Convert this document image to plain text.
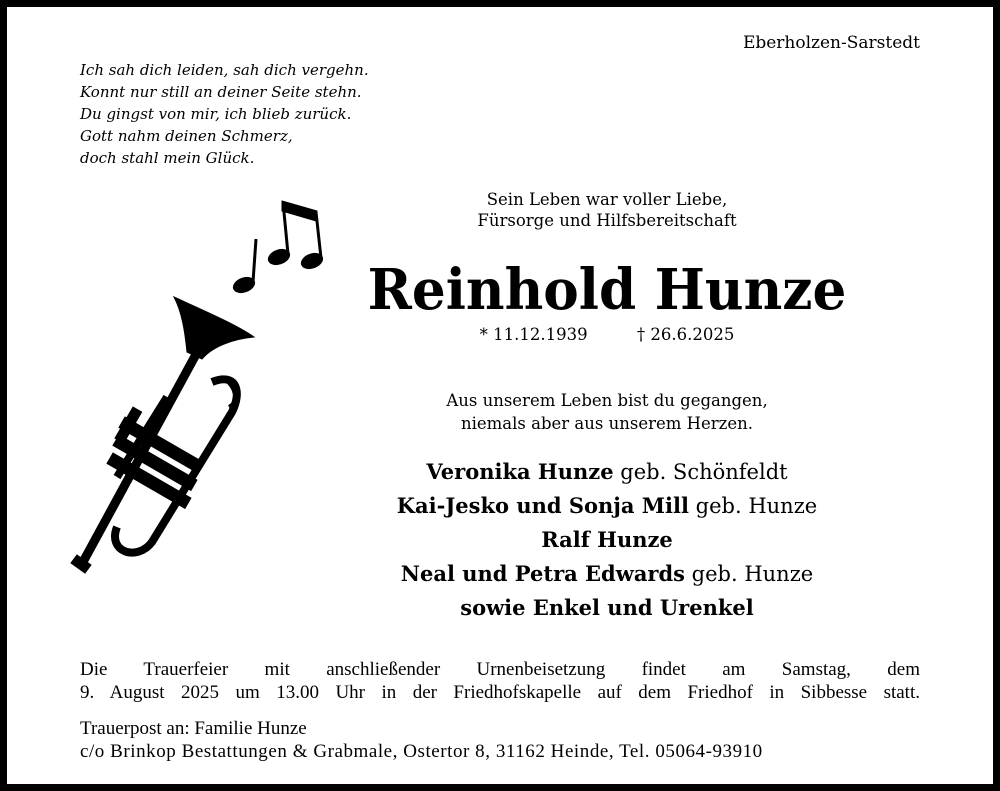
Eberholzen-Sarstedt
Ich sah dich leiden, sah dich vergehn.
Konnt nur still an deiner Seite stehn.
Du gingst von mir, ich blieb zurück.
Gott nahm deinen Schmerz,
doch stahl mein Glück.
Sein Leben war voller Liebe,
Fürsorge und Hilfsbereitschaft
Reinhold Hunze
* 11.12.1939	† 26.6.2025
Aus unserem Leben bist du gegangen,
niemals aber aus unserem Herzen.
Veronika Hunze geb. Schönfeldt
Kai-Jesko und Sonja Mill geb. Hunze
Ralf Hunze
Neal und Petra Edwards geb. Hunze
sowie Enkel und Urenkel
Die Trauerfeier mit anschließender Urnenbeisetzung findet am Samstag, dem
9. August 2025 um 13.00 Uhr in der Friedhofskapelle auf dem Friedhof in Sibbesse statt.
Trauerpost an: Familie Hunze
c/o Brinkop Bestattungen & Grabmale, Ostertor 8, 31162 Heinde, Tel. 05064-93910
